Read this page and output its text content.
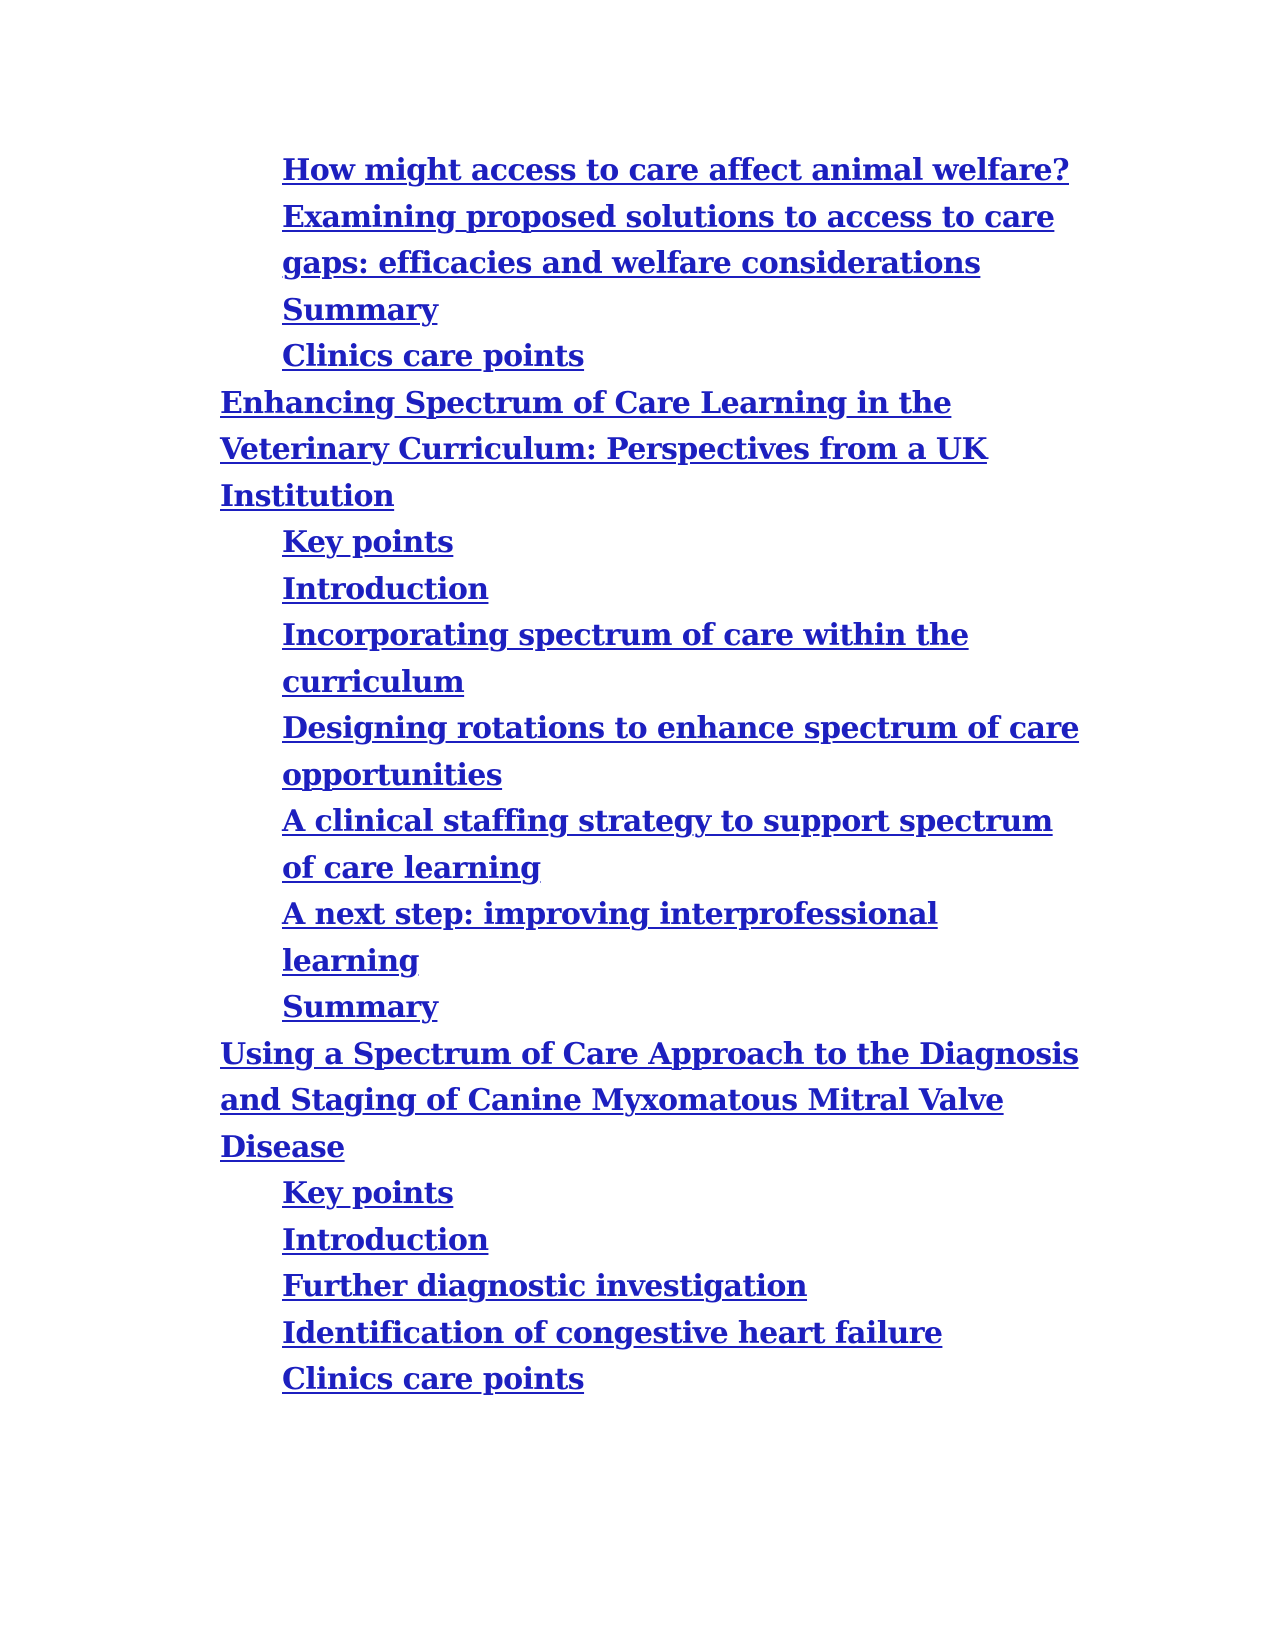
How might access to care affect animal welfare?
Examining proposed solutions to access to care gaps: efficacies and welfare considerations
Summary
Clinics care points
Enhancing Spectrum of Care Learning in the Veterinary Curriculum: Perspectives from a UK Institution
Key points
Introduction
Incorporating spectrum of care within the curriculum
Designing rotations to enhance spectrum of care opportunities
A clinical staffing strategy to support spectrum of care learning
A next step: improving interprofessional learning
Summary
Using a Spectrum of Care Approach to the Diagnosis and Staging of Canine Myxomatous Mitral Valve Disease
Key points
Introduction
Further diagnostic investigation
Identification of congestive heart failure
Clinics care points
